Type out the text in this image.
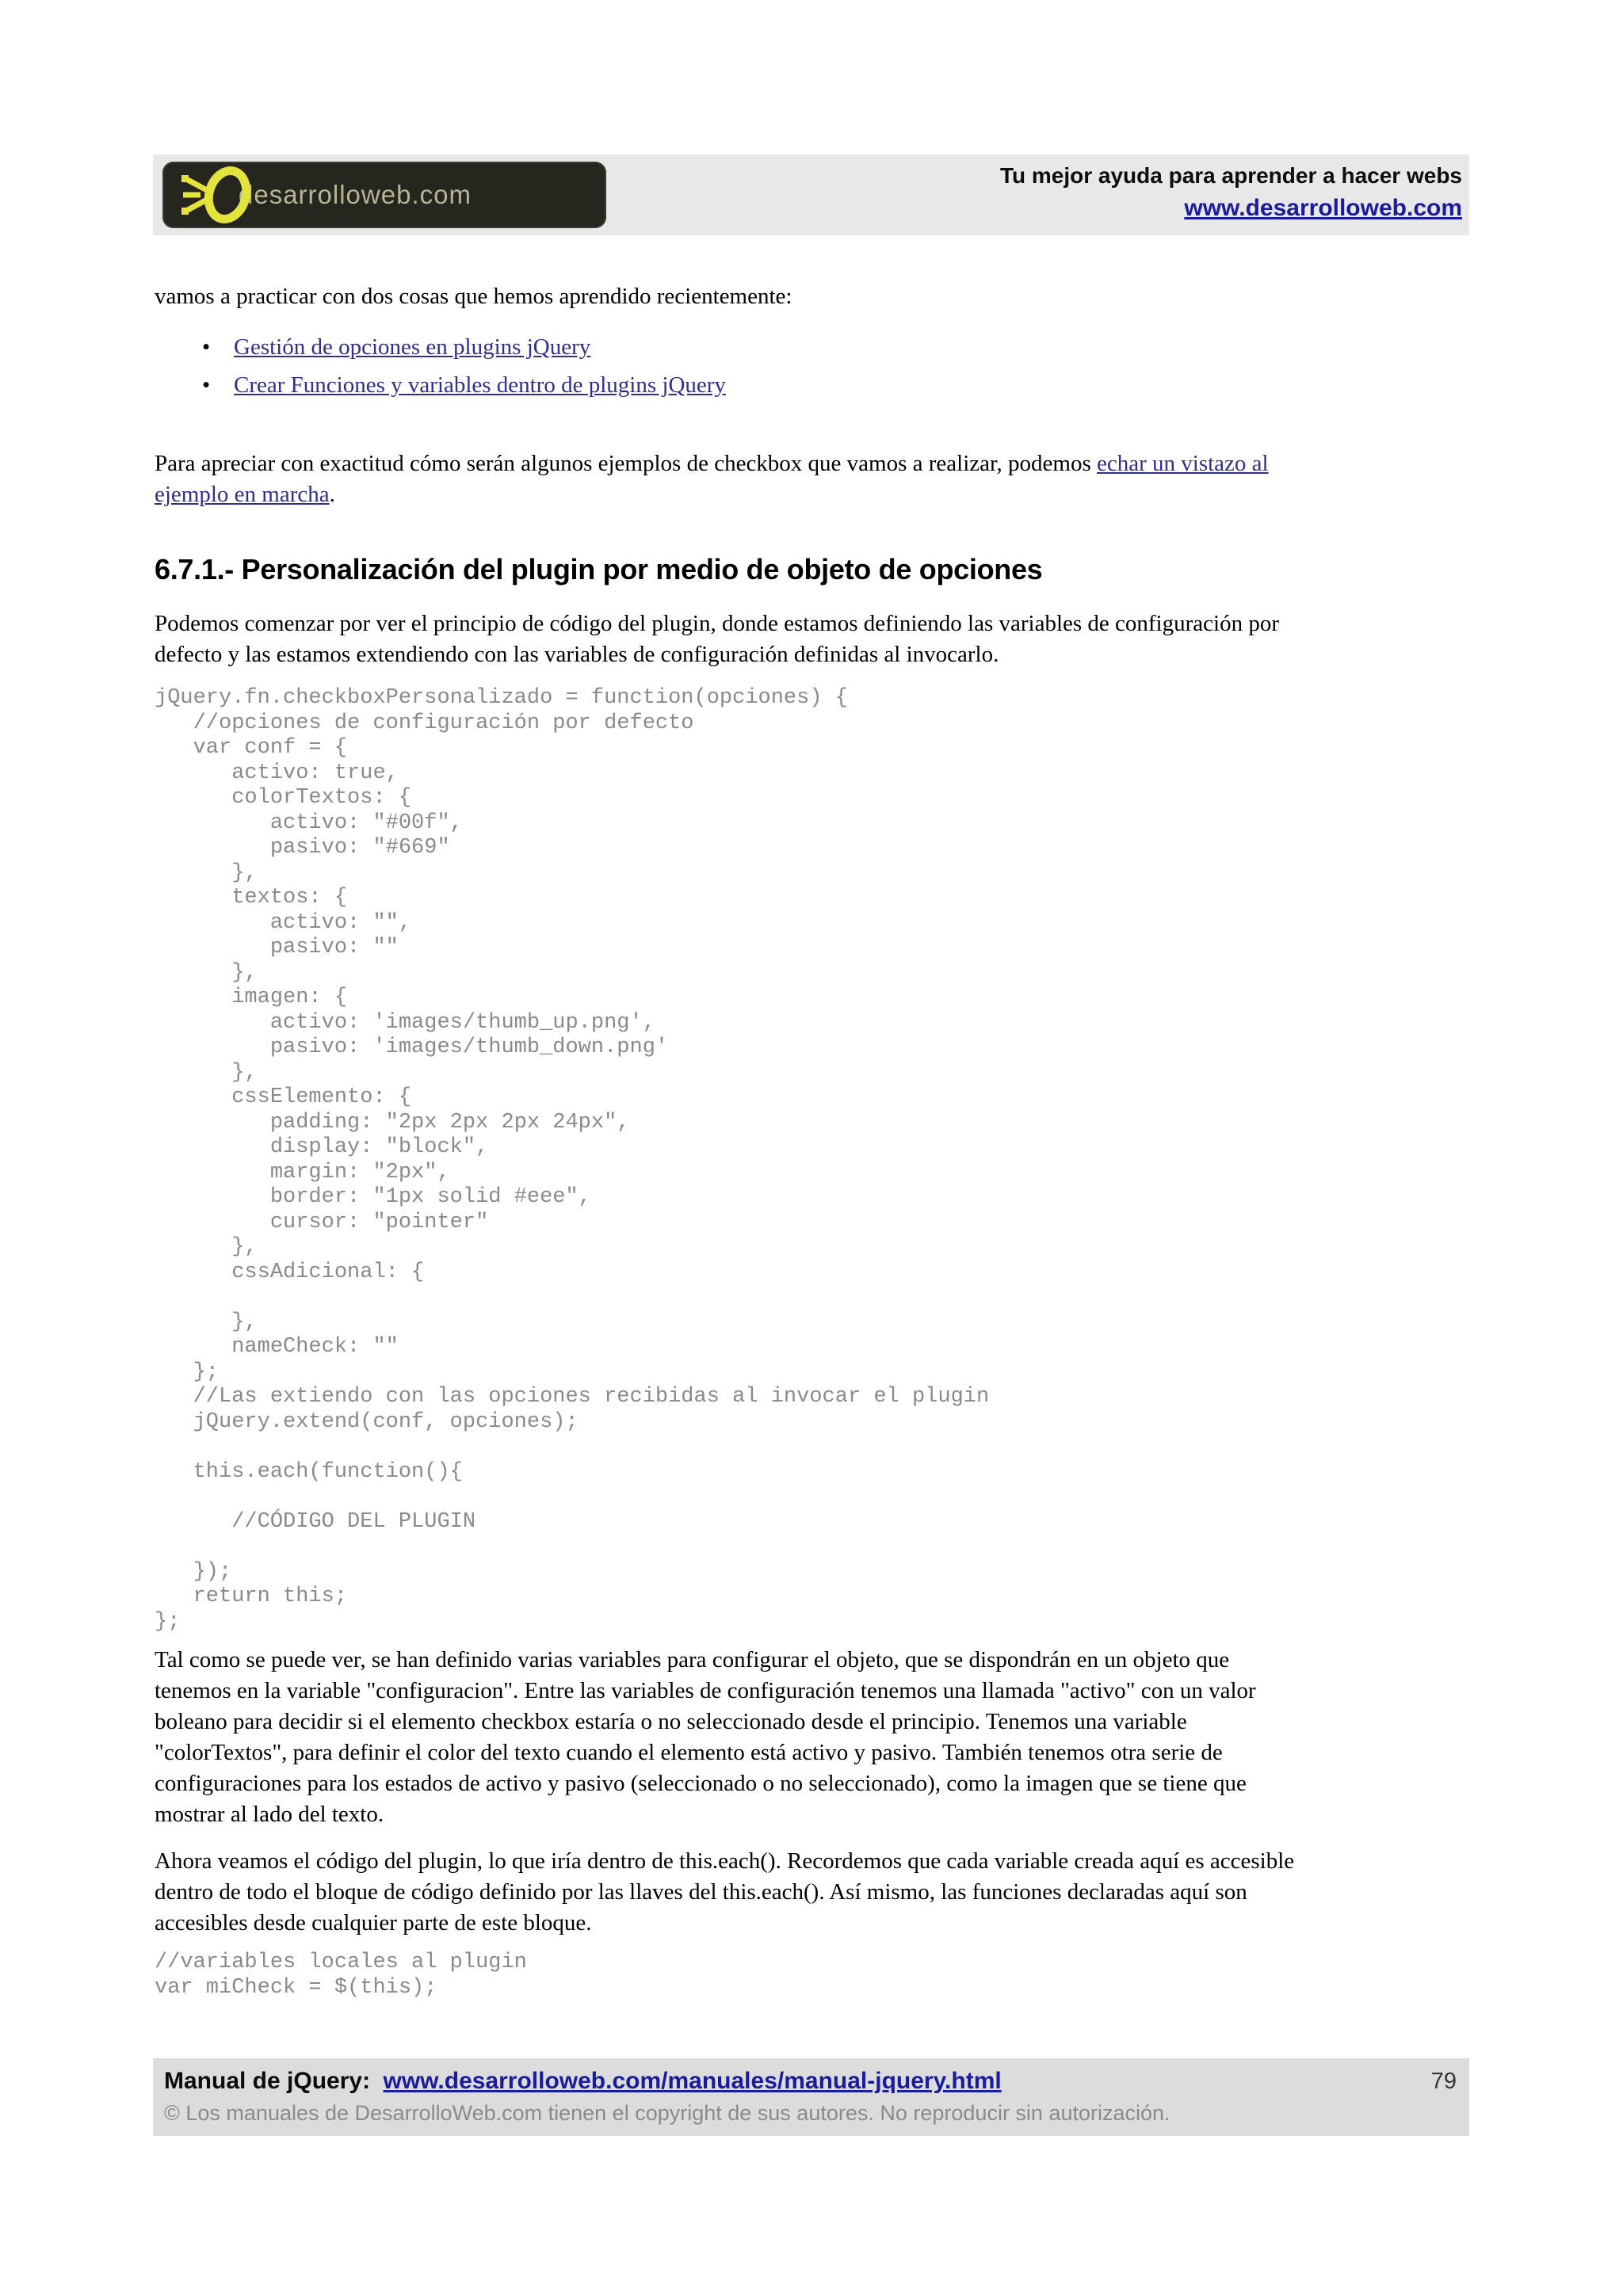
desarrolloweb.com
Tu mejor ayuda para aprender a hacer webs
www.desarrolloweb.com
vamos a practicar con dos cosas que hemos aprendido recientemente:
• Gestión de opciones en plugins jQuery
• Crear Funciones y variables dentro de plugins jQuery
Para apreciar con exactitud cómo serán algunos ejemplos de checkbox que vamos a realizar, podemos echar un vistazo al
ejemplo en marcha.
6.7.1.- Personalización del plugin por medio de objeto de opciones
Podemos comenzar por ver el principio de código del plugin, donde estamos definiendo las variables de configuración por
defecto y las estamos extendiendo con las variables de configuración definidas al invocarlo.
jQuery.fn.checkboxPersonalizado = function(opciones) {
//opciones de configuración por defecto
var conf = {
activo: true,
colorTextos: {
activo: "#00f",
pasivo: "#669"
},
textos: {
activo: "",
pasivo: ""
},
imagen: {
activo: 'images/thumb_up.png',
pasivo: 'images/thumb_down.png'
},
cssElemento: {
padding: "2px 2px 2px 24px",
display: "block",
margin: "2px",
border: "1px solid #eee",
cursor: "pointer"
},
cssAdicional: {
},
nameCheck: ""
};
//Las extiendo con las opciones recibidas al invocar el plugin
jQuery.extend(conf, opciones);
this.each(function(){
//CÓDIGO DEL PLUGIN
});
return this;
};
Tal como se puede ver, se han definido varias variables para configurar el objeto, que se dispondrán en un objeto que
tenemos en la variable "configuracion". Entre las variables de configuración tenemos una llamada "activo" con un valor
boleano para decidir si el elemento checkbox estaría o no seleccionado desde el principio. Tenemos una variable
"colorTextos", para definir el color del texto cuando el elemento está activo y pasivo. También tenemos otra serie de
configuraciones para los estados de activo y pasivo (seleccionado o no seleccionado), como la imagen que se tiene que
mostrar al lado del texto.
Ahora veamos el código del plugin, lo que iría dentro de this.each(). Recordemos que cada variable creada aquí es accesible
dentro de todo el bloque de código definido por las llaves del this.each(). Así mismo, las funciones declaradas aquí son
accesibles desde cualquier parte de este bloque.
//variables locales al plugin
var miCheck = $(this);
Manual de jQuery: www.desarrolloweb.com/manuales/manual-jquery.html	79
© Los manuales de DesarrolloWeb.com tienen el copyright de sus autores. No reproducir sin autorización.
